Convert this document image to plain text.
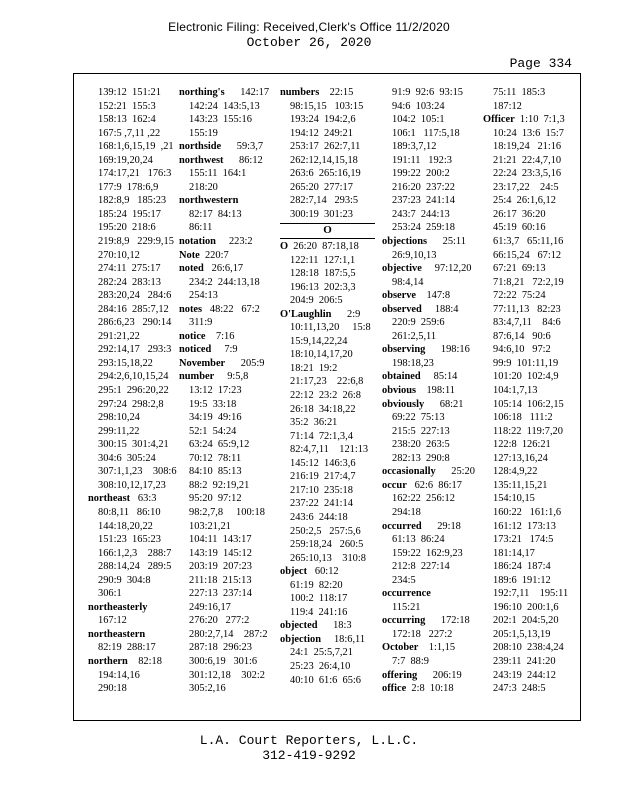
Electronic Filing: Received,Clerk's Office 11/2/2020
October 26, 2020
Page 334
139:12  151:21
152:21  155:3
158:13  162:4
167:5 ,7,11 ,22
168:1,6,15,19  ,21
169:19,20,24
174:17,21   176:3
177:9  178:6,9
182:8,9   185:23
185:24  195:17
195:20  218:6
219:8,9   229:9,15
270:10,12
274:11  275:17
282:24  283:13
283:20,24   284:6
284:16  285:7,12
286:6,23   290:14
291:21,22
292:14,17   293:3
293:15,18,22
294:2,6,10,15,24
295:1  296:20,22
297:24  298:2,8
298:10,24
299:11,22
300:15  301:4,21
304:6  305:24
307:1,1,23    308:6
308:10,12,17,23
northeast   63:3
80:8,11   86:10
144:18,20,22
151:23  165:23
166:1,2,3    288:7
288:14,24   289:5
290:9  304:8
306:1
northeasterly
167:12
northeastern
82:19  288:17
northern    82:18
194:14,16
290:18
northing's      142:17
142:24  143:5,13
143:23  155:16
155:19
northside      59:3,7
northwest      86:12
155:11  164:1
218:20
northwestern
82:17  84:13
86:11
notation     223:2
Note  220:7
noted   26:6,17
234:2  244:13,18
254:13
notes   48:22   67:2
311:9
notice    7:16
noticed     7:9
November      205:9
number     9:5,8
13:12  17:23
19:5  33:18
34:19  49:16
52:1  54:24
63:24  65:9,12
70:12  78:11
84:10  85:13
88:2  92:19,21
95:20  97:12
98:2,7,8     100:18
103:21,21
104:11  143:17
143:19  145:12
203:19  207:23
211:18  215:13
227:13  237:14
249:16,17
276:20   277:2
280:2,7,14    287:2
287:18  296:23
300:6,19   301:6
301:12,18    302:2
305:2,16
numbers    22:15
98:15,15   103:15
193:24  194:2,6
194:12  249:21
253:17  262:7,11
262:12,14,15,18
263:6  265:16,19
265:20  277:17
282:7,14   293:5
300:19  301:23
O
O  26:20  87:18,18
122:11  127:1,1
128:18  187:5,5
196:13  202:3,3
204:9  206:5
O'Laughlin      2:9
10:11,13,20     15:8
15:9,14,22,24
18:10,14,17,20
18:21  19:2
21:17,23    22:6,8
22:12  23:2  26:8
26:18  34:18,22
35:2  36:21
71:14  72:1,3,4
82:4,7,11    121:13
145:12  146:3,6
216:19  217:4,7
217:10  235:18
237:22  241:14
243:6  244:18
250:2,5   257:5,6
259:18,24   260:5
265:10,13    310:8
object   60:12
61:19  82:20
100:2  118:17
119:4  241:16
objected      18:3
objection     18:6,11
24:1  25:5,7,21
25:23  26:4,10
40:10  61:6  65:6
91:9  92:6  93:15
94:6  103:24
104:2  105:1
106:1   117:5,18
189:3,7,12
191:11   192:3
199:22  200:2
216:20  237:22
237:23  241:14
243:7  244:13
253:24  259:18
objections      25:11
26:9,10,13
objective     97:12,20
98:4,14
observe    147:8
observed     188:4
220:9  259:6
261:2,5,11
observing      198:16
198:18,23
obtained     85:14
obvious    198:11
obviously      68:21
69:22  75:13
215:5  227:13
238:20  263:5
282:13  290:8
occasionally      25:20
occur   62:6  86:17
162:22  256:12
294:18
occurred      29:18
61:13  86:24
159:22  162:9,23
212:8  227:14
234:5
occurrence
115:21
occurring      172:18
172:18   227:2
October    1:1,15
7:7  88:9
offering      206:19
office  2:8  10:18
75:11  185:3
187:12
Officer  1:10  7:1,3
10:24  13:6  15:7
18:19,24   21:16
21:21  22:4,7,10
22:24  23:3,5,16
23:17,22    24:5
25:4  26:1,6,12
26:17  36:20
45:19  60:16
61:3,7   65:11,16
66:15,24   67:12
67:21  69:13
71:8,21   72:2,19
72:22  75:24
77:11,13   82:23
83:4,7,11    84:6
87:6,14   90:6
94:6,10   97:2
99:9  101:11,19
101:20  102:4,9
104:1,7,13
105:14  106:2,15
106:18   111:2
118:22  119:7,20
122:8  126:21
127:13,16,24
128:4,9,22
135:11,15,21
154:10,15
160:22   161:1,6
161:12  173:13
173:21   174:5
181:14,17
186:24  187:4
189:6  191:12
192:7,11    195:11
196:10  200:1,6
202:1  204:5,20
205:1,5,13,19
208:10  238:4,24
239:11  241:20
243:19  244:12
247:3  248:5
L.A. Court Reporters, L.L.C.
312-419-9292
